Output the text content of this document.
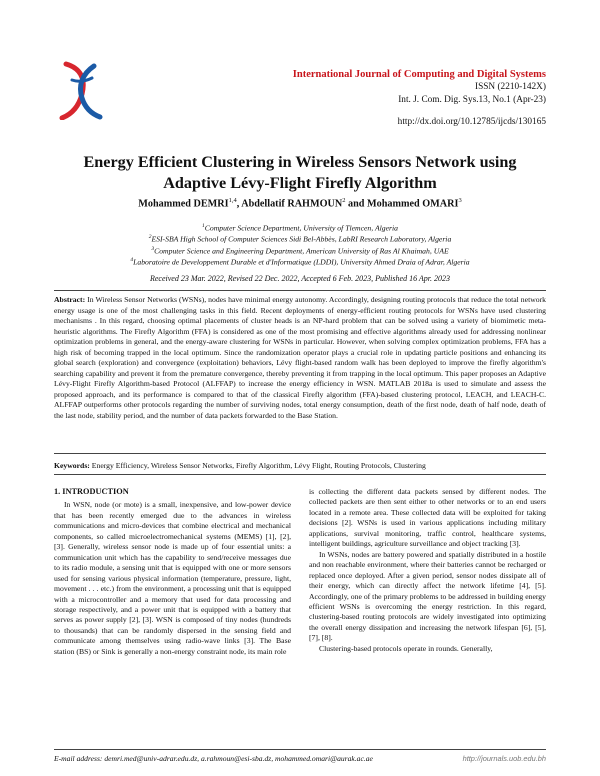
International Journal of Computing and Digital Systems
ISSN (2210-142X)
Int. J. Com. Dig. Sys.13, No.1 (Apr-23)
http://dx.doi.org/10.12785/ijcds/130165
Energy Efficient Clustering in Wireless Sensors Network using
Adaptive Lévy-Flight Firefly Algorithm
Mohammed DEMRI$^{1,4}$, Abdellatif RAHMOUN$^2$ and Mohammed OMARI$^3$
$^1$Computer Science Department, University of Tlemcen, Algeria
$^2$ESI-SBA High School of Computer Sciences Sidi Bel-Abbès, LabRI Research Laboratory, Algeria
$^3$Computer Science and Engineering Department, American University of Ras Al Khaimah, UAE
$^4$Laboratoire de Developpement Durable et d'Informatique (LDDI), University Ahmed Draia of Adrar, Algeria
Received 23 Mar. 2022, Revised 22 Dec. 2022, Accepted 6 Feb. 2023, Published 16 Apr. 2023
Abstract: In Wireless Sensor Networks (WSNs), nodes have minimal energy autonomy. Accordingly, designing routing protocols that reduce the total network energy usage is one of the most challenging tasks in this field. Recent deployments of energy-efficient routing protocols for WSNs have used clustering mechanisms . In this regard, choosing optimal placements of cluster heads is an NP-hard problem that can be solved using a variety of biomimetic meta-heuristic algorithms. The Firefly Algorithm (FFA) is considered as one of the most promising and effective algorithms already used for addressing nonlinear optimization problems in general, and the energy-aware clustering for WSNs in particular. However, when solving complex optimization problems, FFA has a high risk of becoming trapped in the local optimum. Since the randomization operator plays a crucial role in updating particle positions and enhancing its global search (exploration) and convergence (exploitation) behaviors, Lévy flight-based random walk has been deployed to improve the firefly algorithm's searching capability and prevent it from the premature convergence, thereby preventing it from trapping in the local optimum. This paper proposes an Adaptive Lévy-Flight Firefly Algorithm-based Protocol (ALFFAP) to increase the energy efficiency in WSN. MATLAB 2018a is used to simulate and assess the proposed approach, and its performance is compared to that of the classical Firefly algorithm (FFA)-based clustering protocol, LEACH, and LEACH-C. ALFFAP outperforms other protocols regarding the number of surviving nodes, total energy consumption, death of the first node, death of half node, death of the last node, stability period, and the number of data packets forwarded to the Base Station.
Keywords: Energy Efficiency, Wireless Sensor Networks, Firefly Algorithm, Lévy Flight, Routing Protocols, Clustering
1. INTRODUCTION

In WSN, node (or mote) is a small, inexpensive, and low-power device that has been recently emerged due to the advances in wireless communications and micro-devices that combine electrical and mechanical components, so called microelectromechanical systems (MEMS) [1], [2], [3]. Generally, wireless sensor node is made up of four essential units: a communication unit which has the capability to send/receive messages due to its radio module, a sensing unit that is equipped with one or more sensors used for sensing various physical information (temperature, pressure, light, movement . . . etc.) from the environment, a processing unit that is equipped with a microcontroller and a memory that used for data processing and storage respectively, and a power unit that is equipped with a battery that serves as power supply [2], [3]. WSN is composed of tiny nodes (hundreds to thousands) that can be randomly dispersed in the sensing field and communicate among themselves using radio-wave links [3]. The Base station (BS) or Sink is generally a non-energy constraint node, its main role

is collecting the different data packets sensed by different nodes. The collected packets are then sent either to other networks or to an end users located in a remote area. These collected data will be exploited for taking decisions [2]. WSNs is used in various applications including military applications, survival monitoring, traffic control, healthcare systems, intelligent buildings, agriculture surveillance and object tracking [3].

In WSNs, nodes are battery powered and spatially distributed in a hostile and non reachable environment, where their batteries cannot be recharged or replaced once deployed. After a given period, sensor nodes dissipate all of their energy, which can directly affect the network lifetime [4], [5]. Accordingly, one of the primary problems to be addressed in building energy efficient WSNs is overcoming the energy restriction. In this regard, clustering-based routing protocols are widely investigated into optimizing the overall energy dissipation and increasing the network lifespan [6], [5], [7], [8].

Clustering-based protocols operate in rounds. Generally,

E-mail address: demri.med@univ-adrar.edu.dz, a.rahmoun@esi-sba.dz, mohammed.omari@aurak.ac.ae	http://journals.uob.edu.bh
